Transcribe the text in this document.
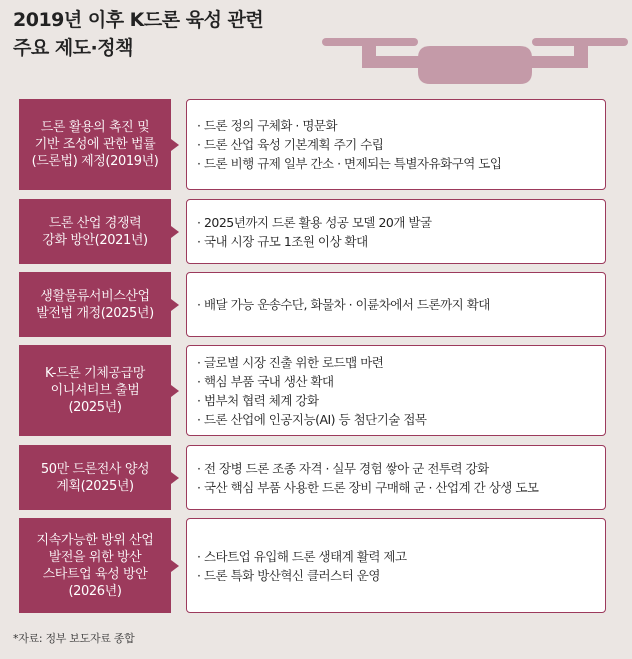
2019년 이후 K드론 육성 관련
주요 제도·정책
드론 활용의 촉진 및
기반 조성에 관한 법률
(드론법) 제정(2019년)
· 드론 정의 구체화 · 명문화
· 드론 산업 육성 기본계획 주기 수립
· 드론 비행 규제 일부 간소 · 면제되는 특별자유화구역 도입
드론 산업 경쟁력
강화 방안(2021년)
· 2025년까지 드론 활용 성공 모델 20개 발굴
· 국내 시장 규모 1조원 이상 확대
생활물류서비스산업
발전법 개정(2025년)
· 배달 가능 운송수단, 화물차 · 이륜차에서 드론까지 확대
K-드론 기체공급망
이니셔티브 출범
(2025년)
· 글로벌 시장 진출 위한 로드맵 마련
· 핵심 부품 국내 생산 확대
· 범부처 협력 체계 강화
· 드론 산업에 인공지능(AI) 등 첨단기술 접목
50만 드론전사 양성
계획(2025년)
· 전 장병 드론 조종 자격 · 실무 경험 쌓아 군 전투력 강화
· 국산 핵심 부품 사용한 드론 장비 구매해 군 · 산업계 간 상생 도모
지속가능한 방위 산업
발전을 위한 방산
스타트업 육성 방안
(2026년)
· 스타트업 유입해 드론 생태계 활력 제고
· 드론 특화 방산혁신 클러스터 운영
*자료: 정부 보도자료 종합
